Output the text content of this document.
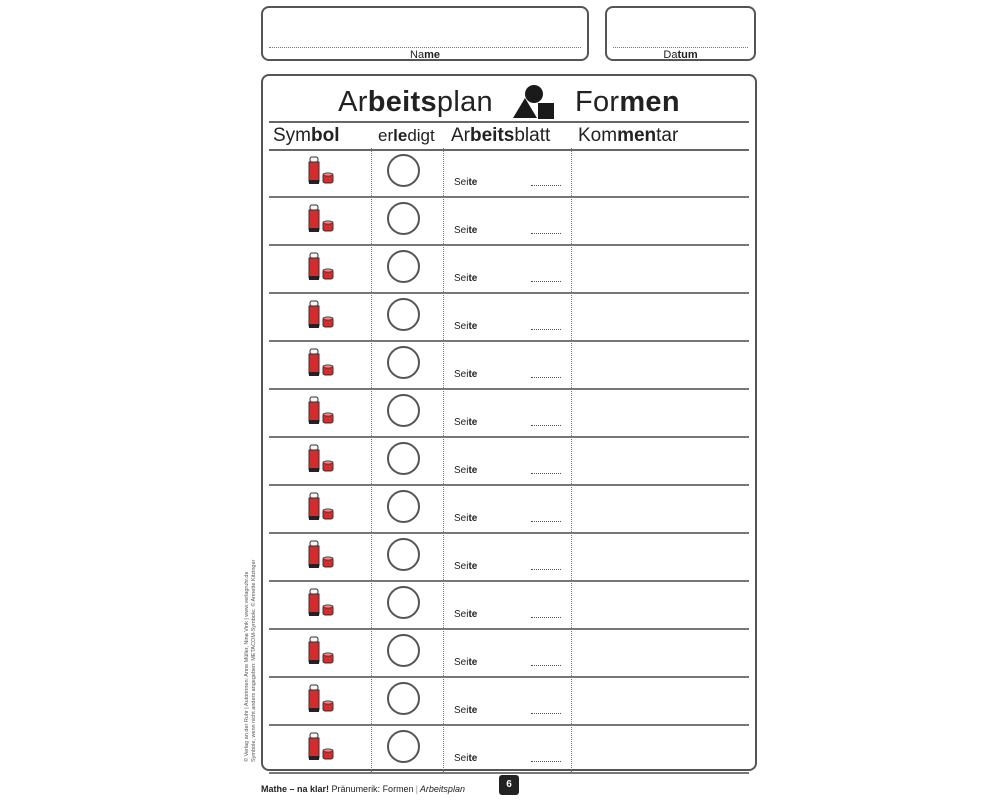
Name	Datum
Arbeitsplan	Formen
Symbol erledigt Arbeitsblatt Kommentar
Seite
Seite
Seite
Seite
Seite
Seite
Seite
Seite
Seite
Seite
Seite
Seite
Seite
© Verlag an der Ruhr | Autorinnen: Anne Müller, Nina Vink | www.verlagruhr.de Symbole, wenn nicht anders angegeben: METACOM-Symbole: © Annette Kitzinger
Mathe – na klar! Pränumerik: Formen | Arbeitsplan	6
